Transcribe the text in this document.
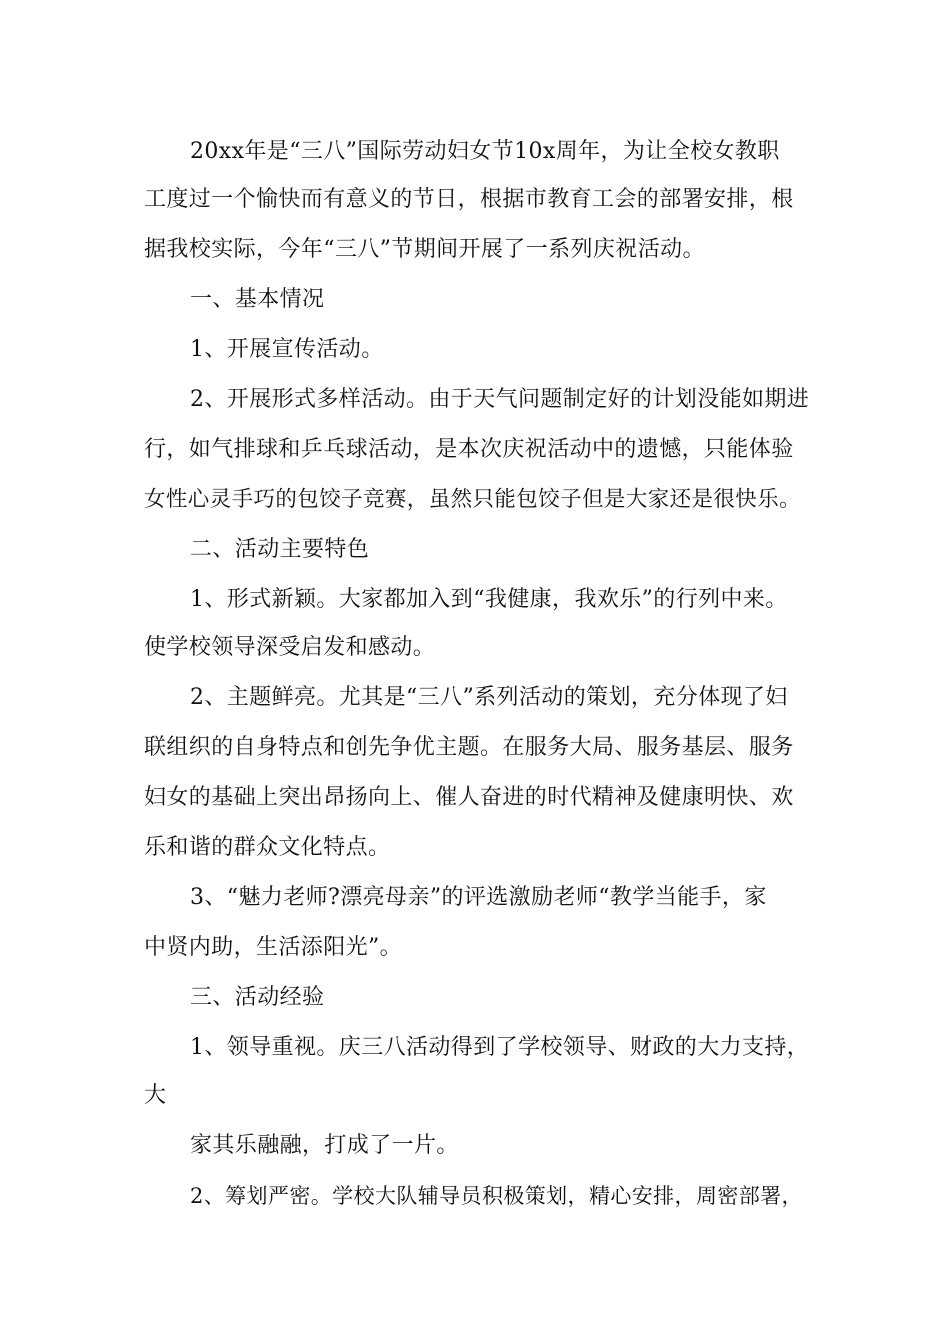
20xx年是“三八”国际劳动妇女节10x周年，为让全校女教职
工度过一个愉快而有意义的节日，根据市教育工会的部署安排，根
据我校实际，今年“三八”节期间开展了一系列庆祝活动。
一、基本情况
1、开展宣传活动。
2、开展形式多样活动。由于天气问题制定好的计划没能如期进
行，如气排球和乒乓球活动，是本次庆祝活动中的遗憾，只能体验
女性心灵手巧的包饺子竞赛，虽然只能包饺子但是大家还是很快乐。
二、活动主要特色
1、形式新颖。大家都加入到“我健康，我欢乐”的行列中来。
使学校领导深受启发和感动。
2、主题鲜亮。尤其是“三八”系列活动的策划，充分体现了妇
联组织的自身特点和创先争优主题。在服务大局、服务基层、服务
妇女的基础上突出昂扬向上、催人奋进的时代精神及健康明快、欢
乐和谐的群众文化特点。
3、“魅力老师?漂亮母亲”的评选激励老师“教学当能手，家
中贤内助，生活添阳光”。
三、活动经验
1、领导重视。庆三八活动得到了学校领导、财政的大力支持，
大
家其乐融融，打成了一片。
2、筹划严密。学校大队辅导员积极策划，精心安排，周密部署，
